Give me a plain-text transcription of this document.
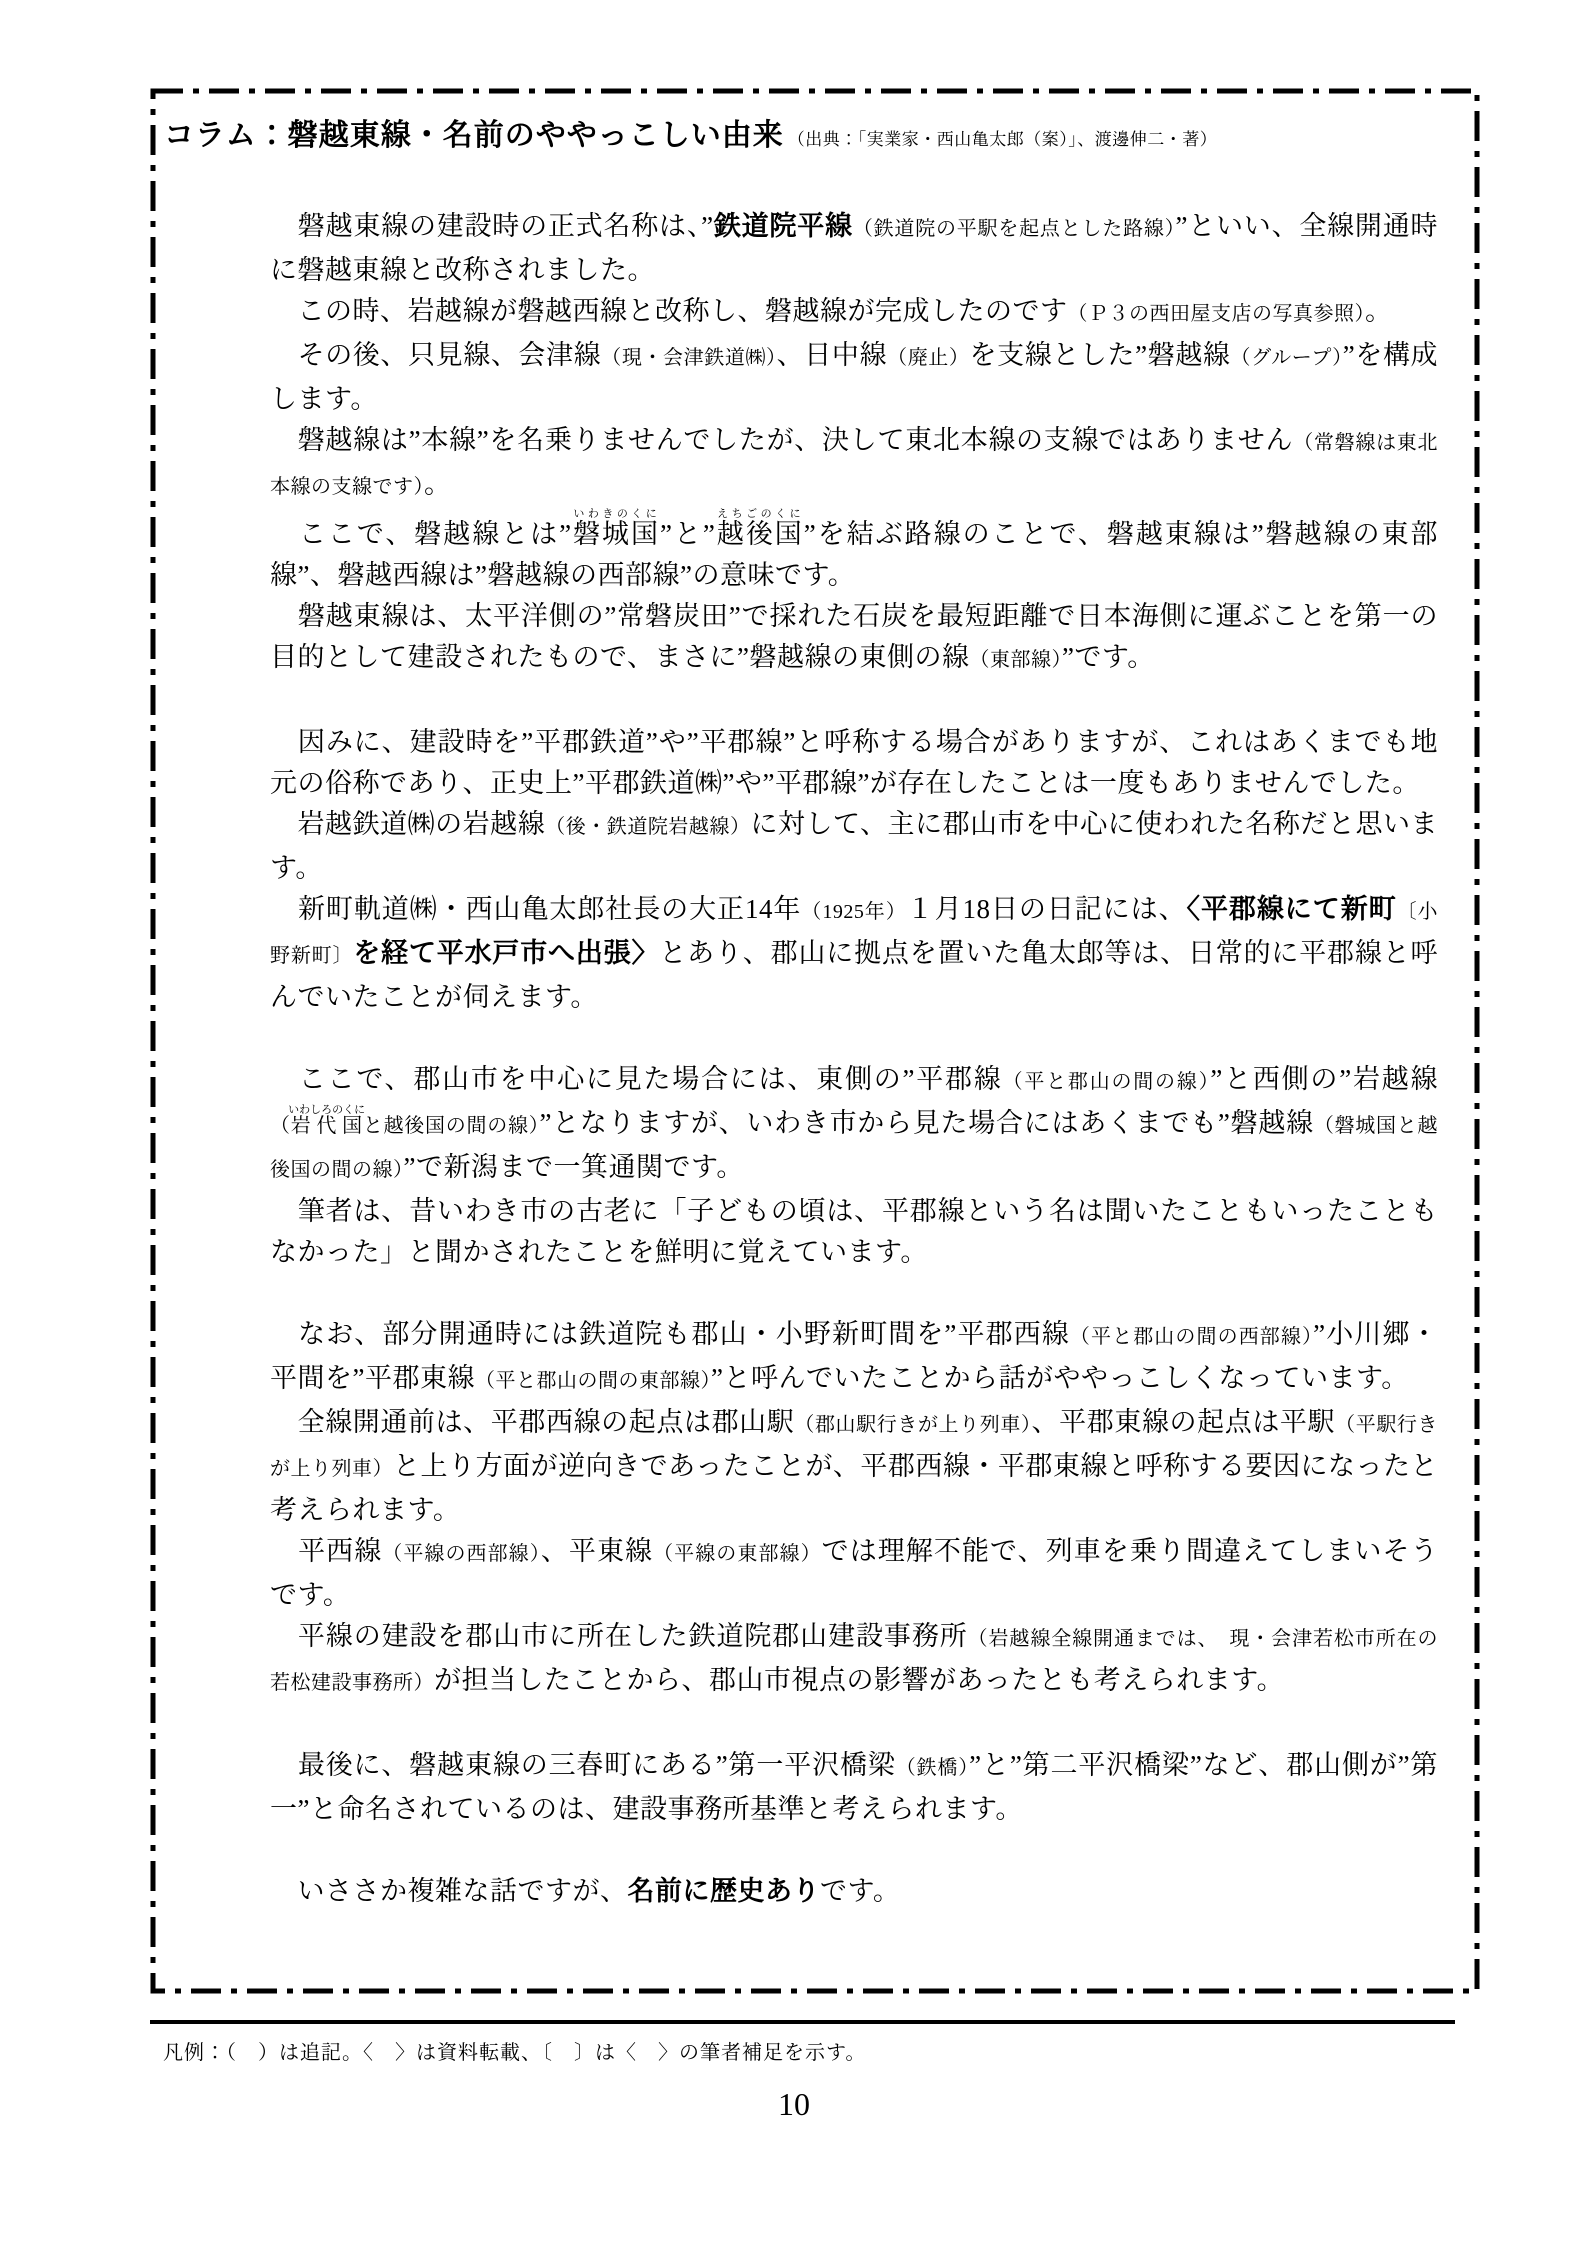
コラム：磐越東線・名前のややっこしい由来 （出典：「実業家・西山亀太郎（案）」、渡邊伸二・著）

　磐越東線の建設時の正式名称は、”鉄道院平線（鉄道院の平駅を起点とした路線）”といい、全線開通時に磐越東線と改称されました。

　この時、岩越線が磐越西線と改称し、磐越線が完成したのです（Ｐ３の西田屋支店の写真参照）。

　その後、只見線、会津線（現・会津鉄道㈱）、日中線（廃止）を支線とした”磐越線（グループ）”を構成します。

　磐越線は”本線”を名乗りませんでしたが、決して東北本線の支線ではありません（常磐線は東北本線の支線です）。

　ここで、磐越線とは”磐城国いわきのくに”と”越後国えちごのくに”を結ぶ路線のことで、磐越東線は”磐越線の東部線”、磐越西線は”磐越線の西部線”の意味です。

　磐越東線は、太平洋側の”常磐炭田”で採れた石炭を最短距離で日本海側に運ぶことを第一の目的として建設されたもので、まさに”磐越線の東側の線（東部線）”です。

　因みに、建設時を”平郡鉄道”や”平郡線”と呼称する場合がありますが、これはあくまでも地元の俗称であり、正史上”平郡鉄道㈱”や”平郡線”が存在したことは一度もありませんでした。

　岩越鉄道㈱の岩越線（後・鉄道院岩越線）に対して、主に郡山市を中心に使われた名称だと思います。

　新町軌道㈱・西山亀太郎社長の大正14年（1925年）１月18日の日記には、〈平郡線にて新町〔小野新町〕を経て平水戸市へ出張〉とあり、郡山に拠点を置いた亀太郎等は、日常的に平郡線と呼んでいたことが伺えます。

　ここで、郡山市を中心に見た場合には、東側の”平郡線（平と郡山の間の線）”と西側の”岩越線（岩代国いわしろのくにと越後国の間の線）”となりますが、いわき市から見た場合にはあくまでも”磐越線（磐城国と越後国の間の線）”で新潟まで一箕通関です。

　筆者は、昔いわき市の古老に「子どもの頃は、平郡線という名は聞いたこともいったこともなかった」と聞かされたことを鮮明に覚えています。

　なお、部分開通時には鉄道院も郡山・小野新町間を”平郡西線（平と郡山の間の西部線）”小川郷・平間を”平郡東線（平と郡山の間の東部線）”と呼んでいたことから話がややっこしくなっています。

　全線開通前は、平郡西線の起点は郡山駅（郡山駅行きが上り列車）、平郡東線の起点は平駅（平駅行きが上り列車）と上り方面が逆向きであったことが、平郡西線・平郡東線と呼称する要因になったと考えられます。

　平西線（平線の西部線）、平東線（平線の東部線）では理解不能で、列車を乗り間違えてしまいそうです。

　平線の建設を郡山市に所在した鉄道院郡山建設事務所（岩越線全線開通までは、　現・会津若松市所在の若松建設事務所）が担当したことから、郡山市視点の影響があったとも考えられます。

　最後に、磐越東線の三春町にある”第一平沢橋梁（鉄橋）”と”第二平沢橋梁”など、郡山側が”第一”と命名されているのは、建設事務所基準と考えられます。

　いささか複雑な話ですが、名前に歴史ありです。

凡例：（　）は追記。〈　〉は資料転載、〔　〕は〈　〉の筆者補足を示す。
10
